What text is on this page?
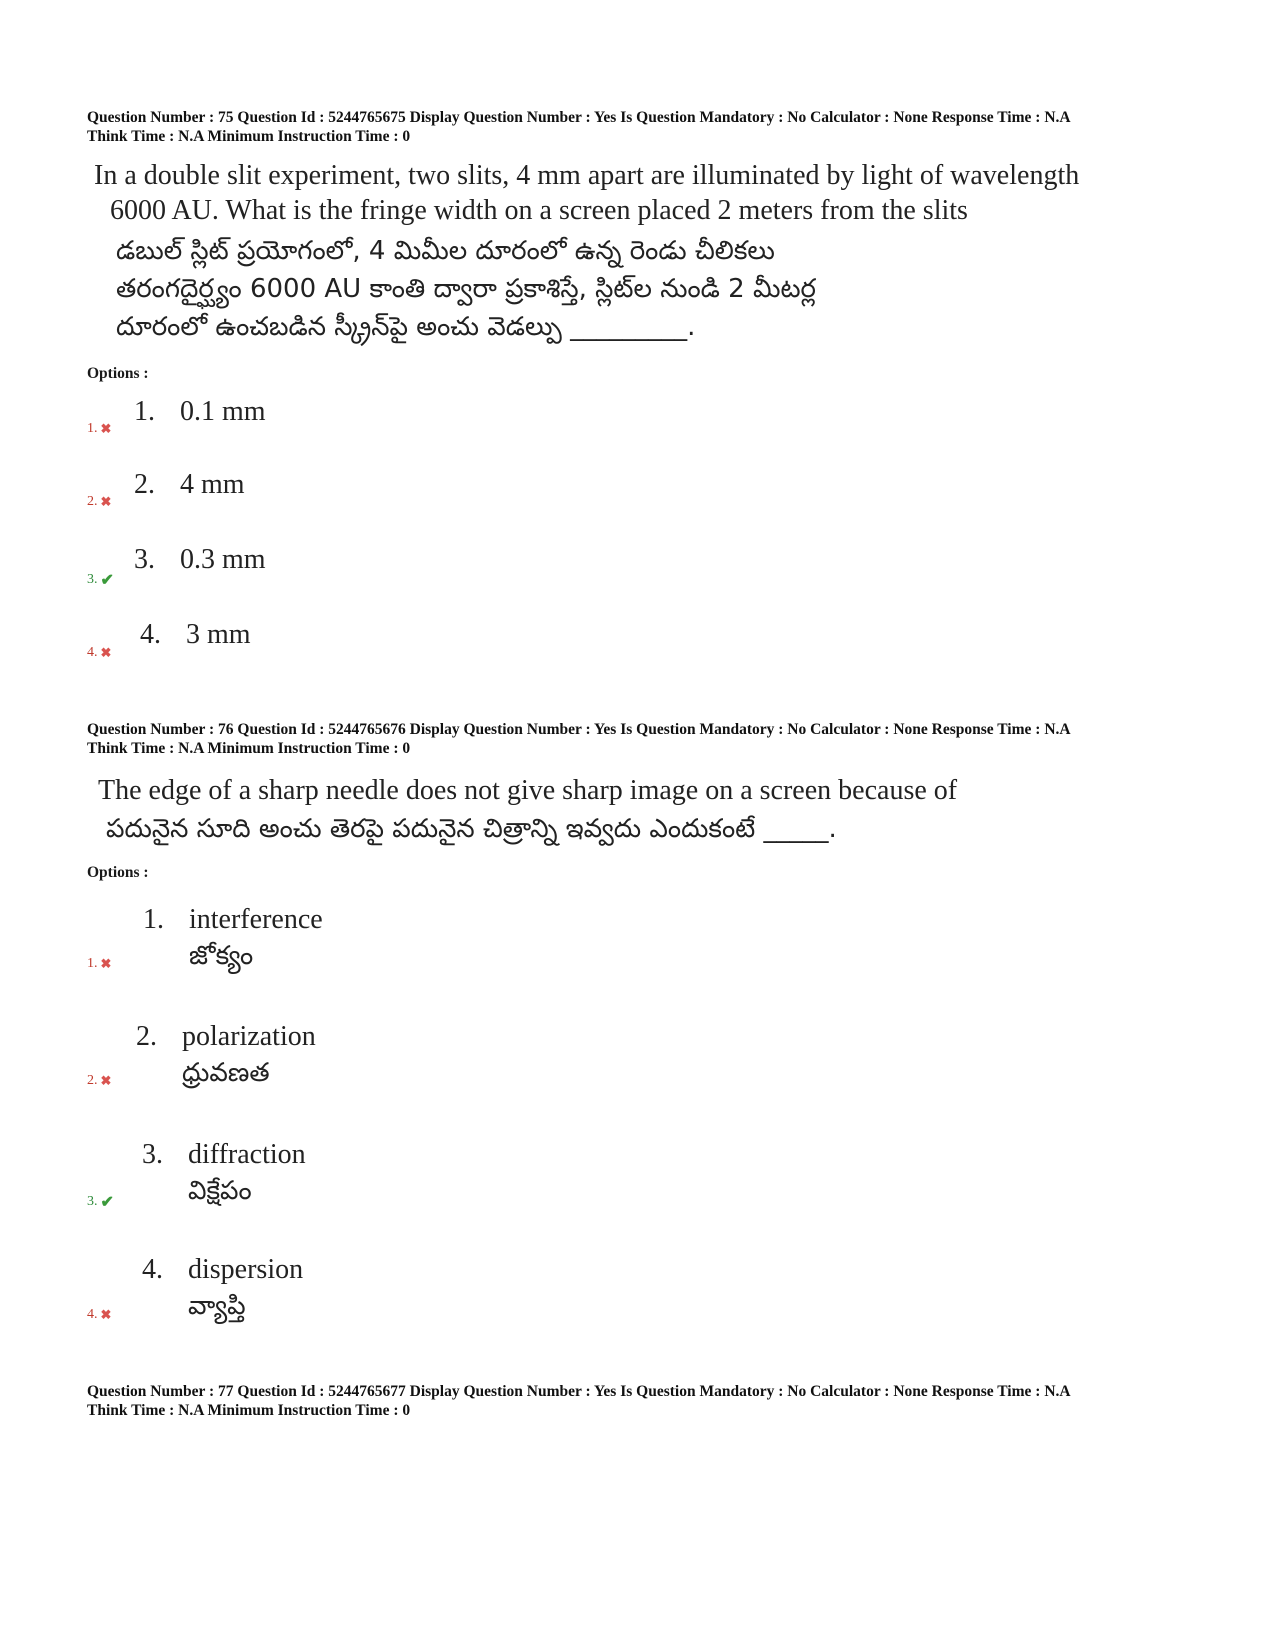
Question Number : 75 Question Id : 5244765675 Display Question Number : Yes Is Question Mandatory : No Calculator : None Response Time : N.A
Think Time : N.A Minimum Instruction Time : 0
In a double slit experiment, two slits, 4 mm apart are illuminated by light of wavelength
6000 AU. What is the fringe width on a screen placed 2 meters from the slits
డబుల్ స్లిట్ ప్రయోగంలో, 4 మిమీల దూరంలో ఉన్న రెండు చీలికలు
తరంగదైర్ఘ్యం 6000 AU కాంతి ద్వారా ప్రకాశిస్తే, స్లిట్‌ల నుండి 2 మీటర్ల
దూరంలో ఉంచబడిన స్క్రీన్‌పై అంచు వెడల్పు _________.
Options :
1. ✖
1. 0.1 mm
2. ✖
2. 4 mm
3. ✔
3. 0.3 mm
4. ✖
4. 3 mm
Question Number : 76 Question Id : 5244765676 Display Question Number : Yes Is Question Mandatory : No Calculator : None Response Time : N.A
Think Time : N.A Minimum Instruction Time : 0
The edge of a sharp needle does not give sharp image on a screen because of
పదునైన సూది అంచు తెరపై పదునైన చిత్రాన్ని ఇవ్వదు ఎందుకంటే _____.
Options :
1. ✖
1. interference
జోక్యం
2. ✖
2. polarization
ధ్రువణత
3. ✔
3. diffraction
విక్షేపం
4. ✖
4. dispersion
వ్యాప్తి
Question Number : 77 Question Id : 5244765677 Display Question Number : Yes Is Question Mandatory : No Calculator : None Response Time : N.A
Think Time : N.A Minimum Instruction Time : 0
